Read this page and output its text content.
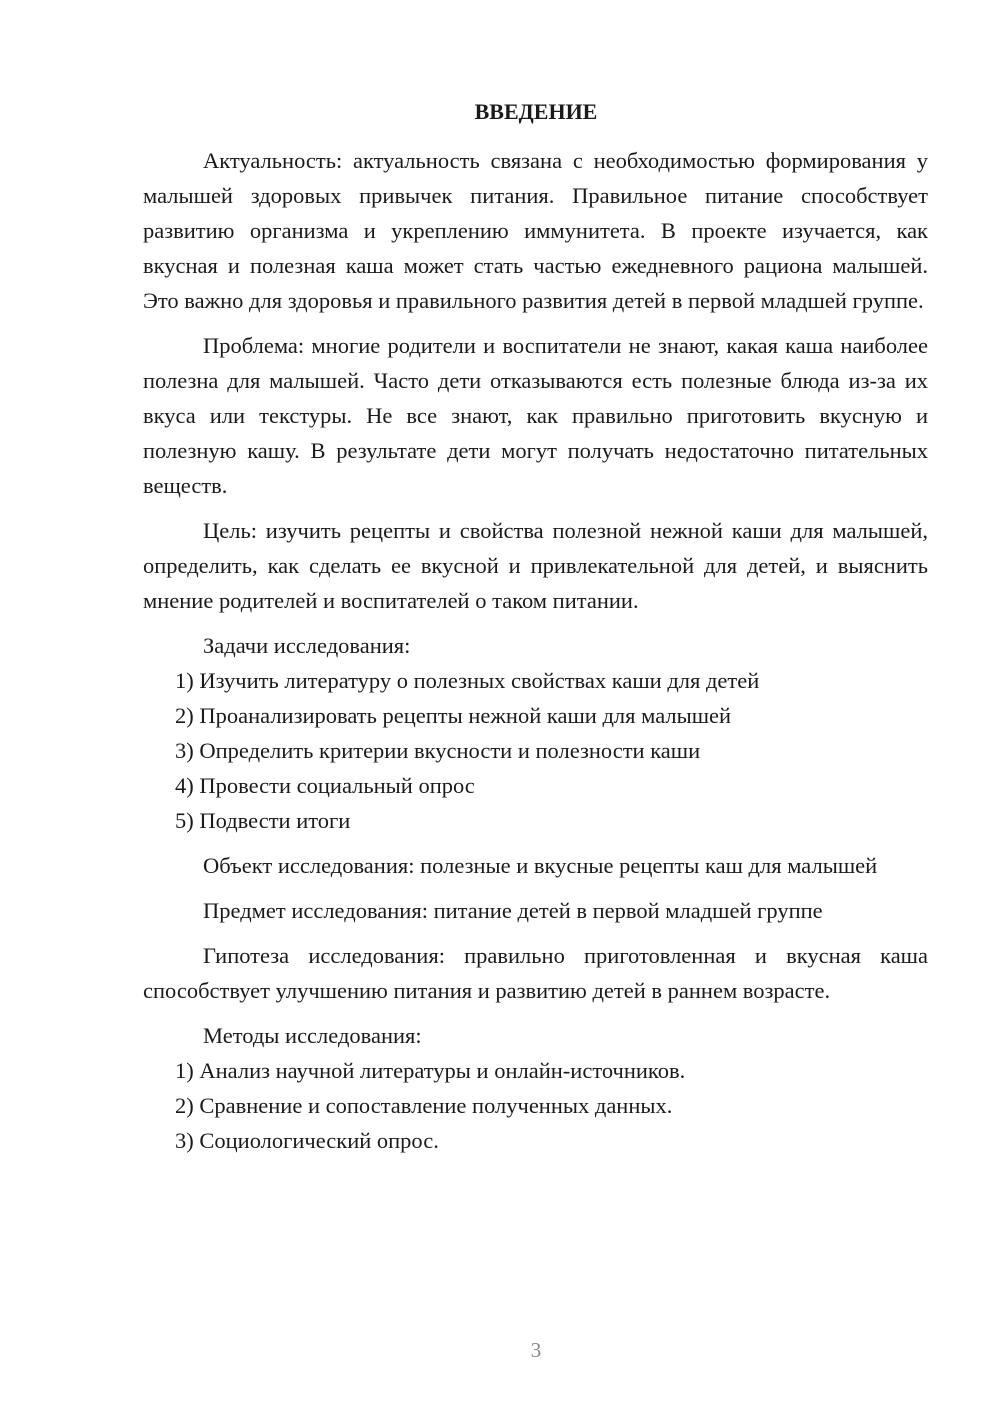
ВВЕДЕНИЕ

Актуальность: актуальность связана с необходимостью формирования у малышей здоровых привычек питания. Правильное питание способствует развитию организма и укреплению иммунитета. В проекте изучается, как вкусная и полезная каша может стать частью ежедневного рациона малышей. Это важно для здоровья и правильного развития детей в первой младшей группе.

Проблема: многие родители и воспитатели не знают, какая каша наиболее полезна для малышей. Часто дети отказываются есть полезные блюда из-за их вкуса или текстуры. Не все знают, как правильно приготовить вкусную и полезную кашу. В результате дети могут получать недостаточно питательных веществ.

Цель: изучить рецепты и свойства полезной нежной каши для малышей, определить, как сделать ее вкусной и привлекательной для детей, и выяснить мнение родителей и воспитателей о таком питании.

Задачи исследования:

1) Изучить литературу о полезных свойствах каши для детей

2) Проанализировать рецепты нежной каши для малышей

3) Определить критерии вкусности и полезности каши

4) Провести социальный опрос

5) Подвести итоги

Объект исследования: полезные и вкусные рецепты каш для малышей

Предмет исследования: питание детей в первой младшей группе

Гипотеза исследования: правильно приготовленная и вкусная каша способствует улучшению питания и развитию детей в раннем возрасте.

Методы исследования:

1) Анализ научной литературы и онлайн-источников.

2) Сравнение и сопоставление полученных данных.

3) Социологический опрос.

3
